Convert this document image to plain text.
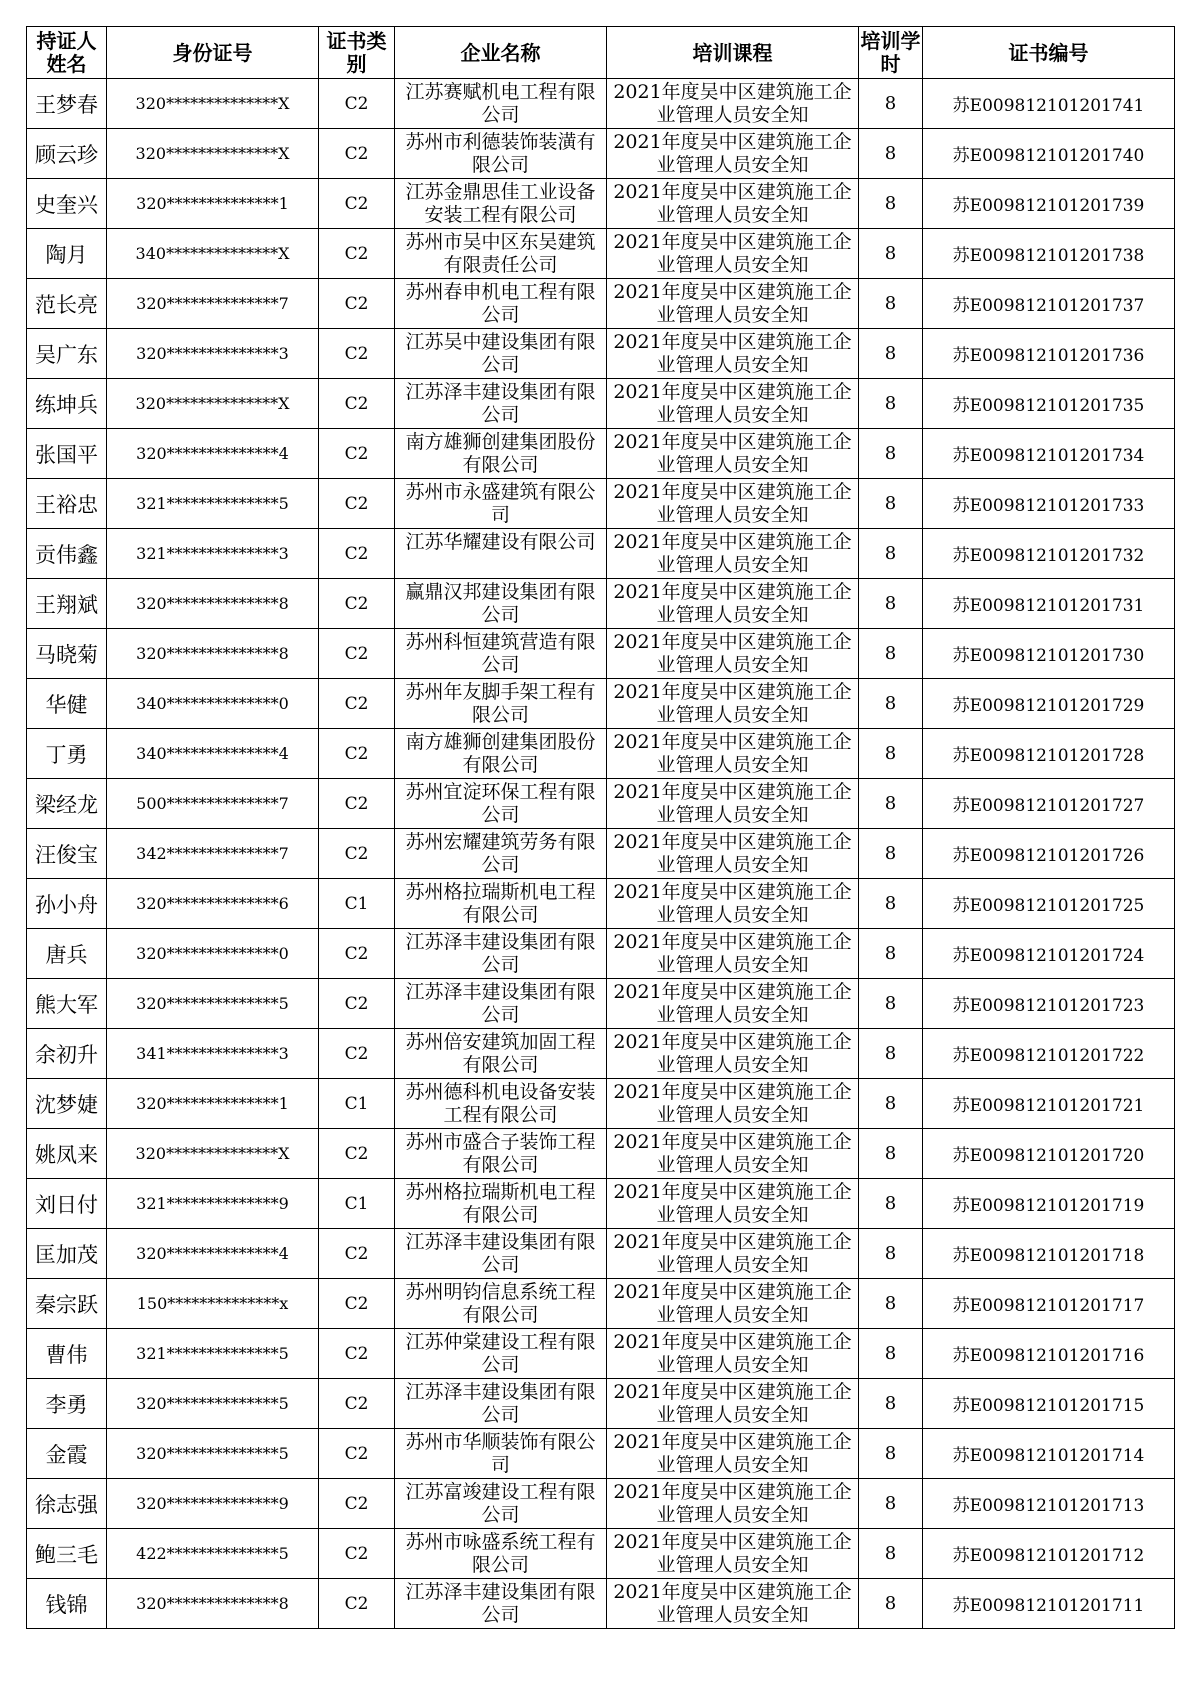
持证人姓名	身份证号	证书类别	企业名称	培训课程	培训学时	证书编号
王梦春	320**************X	C2	江苏赛赋机电工程有限公司	2021年度吴中区建筑施工企业管理人员安全知	8	苏E009812101201741
顾云珍	320**************X	C2	苏州市利德装饰装潢有限公司	2021年度吴中区建筑施工企业管理人员安全知	8	苏E009812101201740
史奎兴	320**************1	C2	江苏金鼎思佳工业设备安装工程有限公司	2021年度吴中区建筑施工企业管理人员安全知	8	苏E009812101201739
陶月	340**************X	C2	苏州市吴中区东吴建筑有限责任公司	2021年度吴中区建筑施工企业管理人员安全知	8	苏E009812101201738
范长亮	320**************7	C2	苏州春申机电工程有限公司	2021年度吴中区建筑施工企业管理人员安全知	8	苏E009812101201737
吴广东	320**************3	C2	江苏吴中建设集团有限公司	2021年度吴中区建筑施工企业管理人员安全知	8	苏E009812101201736
练坤兵	320**************X	C2	江苏泽丰建设集团有限公司	2021年度吴中区建筑施工企业管理人员安全知	8	苏E009812101201735
张国平	320**************4	C2	南方雄狮创建集团股份有限公司	2021年度吴中区建筑施工企业管理人员安全知	8	苏E009812101201734
王裕忠	321**************5	C2	苏州市永盛建筑有限公司	2021年度吴中区建筑施工企业管理人员安全知	8	苏E009812101201733
贡伟鑫	321**************3	C2	江苏华耀建设有限公司	2021年度吴中区建筑施工企业管理人员安全知	8	苏E009812101201732
王翔斌	320**************8	C2	赢鼎汉邦建设集团有限公司	2021年度吴中区建筑施工企业管理人员安全知	8	苏E009812101201731
马晓菊	320**************8	C2	苏州科恒建筑营造有限公司	2021年度吴中区建筑施工企业管理人员安全知	8	苏E009812101201730
华健	340**************0	C2	苏州年友脚手架工程有限公司	2021年度吴中区建筑施工企业管理人员安全知	8	苏E009812101201729
丁勇	340**************4	C2	南方雄狮创建集团股份有限公司	2021年度吴中区建筑施工企业管理人员安全知	8	苏E009812101201728
梁经龙	500**************7	C2	苏州宜淀环保工程有限公司	2021年度吴中区建筑施工企业管理人员安全知	8	苏E009812101201727
汪俊宝	342**************7	C2	苏州宏耀建筑劳务有限公司	2021年度吴中区建筑施工企业管理人员安全知	8	苏E009812101201726
孙小舟	320**************6	C1	苏州格拉瑞斯机电工程有限公司	2021年度吴中区建筑施工企业管理人员安全知	8	苏E009812101201725
唐兵	320**************0	C2	江苏泽丰建设集团有限公司	2021年度吴中区建筑施工企业管理人员安全知	8	苏E009812101201724
熊大军	320**************5	C2	江苏泽丰建设集团有限公司	2021年度吴中区建筑施工企业管理人员安全知	8	苏E009812101201723
余初升	341**************3	C2	苏州倍安建筑加固工程有限公司	2021年度吴中区建筑施工企业管理人员安全知	8	苏E009812101201722
沈梦婕	320**************1	C1	苏州德科机电设备安装工程有限公司	2021年度吴中区建筑施工企业管理人员安全知	8	苏E009812101201721
姚凤来	320**************X	C2	苏州市盛合子装饰工程有限公司	2021年度吴中区建筑施工企业管理人员安全知	8	苏E009812101201720
刘日付	321**************9	C1	苏州格拉瑞斯机电工程有限公司	2021年度吴中区建筑施工企业管理人员安全知	8	苏E009812101201719
匡加茂	320**************4	C2	江苏泽丰建设集团有限公司	2021年度吴中区建筑施工企业管理人员安全知	8	苏E009812101201718
秦宗跃	150**************x	C2	苏州明钧信息系统工程有限公司	2021年度吴中区建筑施工企业管理人员安全知	8	苏E009812101201717
曹伟	321**************5	C2	江苏仲棠建设工程有限公司	2021年度吴中区建筑施工企业管理人员安全知	8	苏E009812101201716
李勇	320**************5	C2	江苏泽丰建设集团有限公司	2021年度吴中区建筑施工企业管理人员安全知	8	苏E009812101201715
金霞	320**************5	C2	苏州市华顺装饰有限公司	2021年度吴中区建筑施工企业管理人员安全知	8	苏E009812101201714
徐志强	320**************9	C2	江苏富竣建设工程有限公司	2021年度吴中区建筑施工企业管理人员安全知	8	苏E009812101201713
鲍三毛	422**************5	C2	苏州市咏盛系统工程有限公司	2021年度吴中区建筑施工企业管理人员安全知	8	苏E009812101201712
钱锦	320**************8	C2	江苏泽丰建设集团有限公司	2021年度吴中区建筑施工企业管理人员安全知	8	苏E009812101201711
